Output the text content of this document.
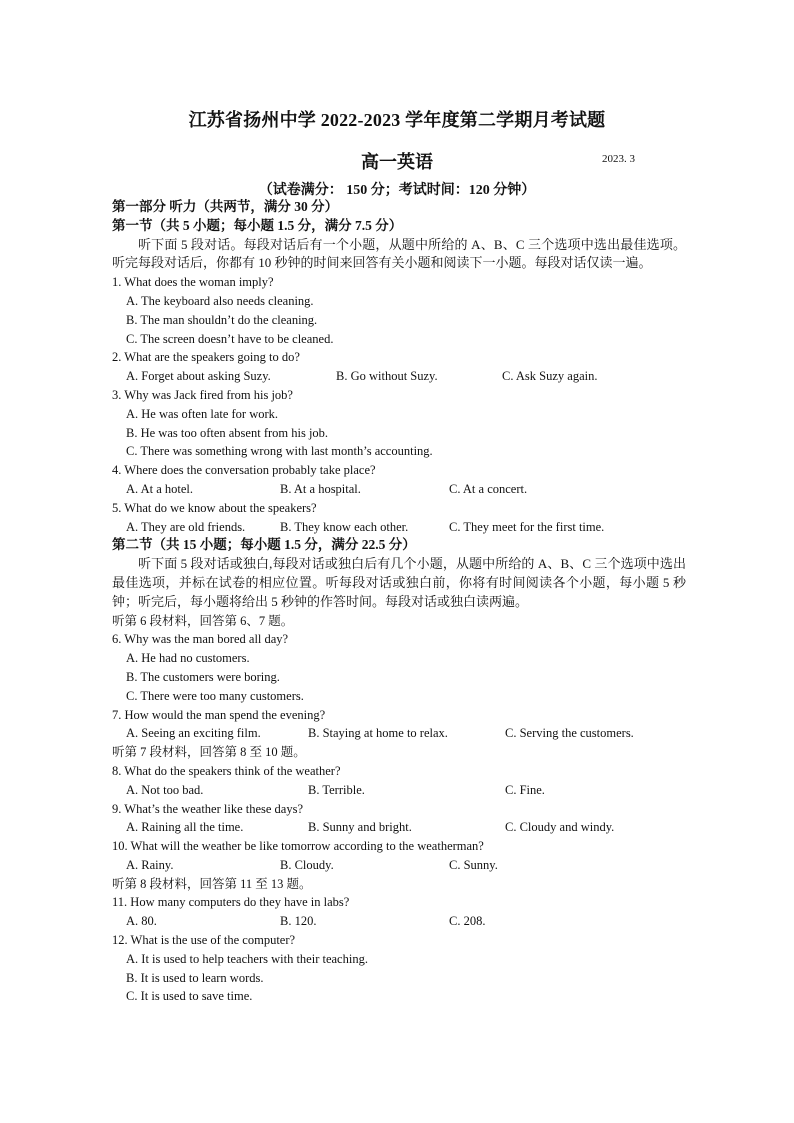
江苏省扬州中学 2022-2023 学年度第二学期月考试题
高一英语	2023. 3
（试卷满分： 150 分；考试时间：120 分钟）
第一部分 听力（共两节，满分 30 分）
第一节（共 5 小题；每小题 1.5 分，满分 7.5 分）
听下面 5 段对话。每段对话后有一个小题，从题中所给的 A、B、C 三个选项中选出最佳选项。听完每段对话后，你都有 10 秒钟的时间来回答有关小题和阅读下一小题。每段对话仅读一遍。
1. What does the woman imply?
A. The keyboard also needs cleaning.
B. The man shouldn’t do the cleaning.
C. The screen doesn’t have to be cleaned.
2. What are the speakers going to do?
A. Forget about asking Suzy.	B. Go without Suzy.	C. Ask Suzy again.
3. Why was Jack fired from his job?
A. He was often late for work.
B. He was too often absent from his job.
C. There was something wrong with last month’s accounting.
4. Where does the conversation probably take place?
A. At a hotel.	B. At a hospital.	C. At a concert.
5. What do we know about the speakers?
A. They are old friends.	B. They know each other.	C. They meet for the first time.
第二节（共 15 小题；每小题 1.5 分，满分 22.5 分）
听下面 5 段对话或独白,每段对话或独白后有几个小题，从题中所给的 A、B、C 三个选项中选出最佳选项，并标在试卷的相应位置。听每段对话或独白前，你将有时间阅读各个小题，每小题 5 秒钟；听完后，每小题将给出 5 秒钟的作答时间。每段对话或独白读两遍。
听第 6 段材料，回答第 6、7 题。
6. Why was the man bored all day?
A. He had no customers.
B. The customers were boring.
C. There were too many customers.
7. How would the man spend the evening?
A. Seeing an exciting film.	B. Staying at home to relax.	C. Serving the customers.
听第 7 段材料，回答第 8 至 10 题。
8. What do the speakers think of the weather?
A. Not too bad.	B. Terrible.	C. Fine.
9. What’s the weather like these days?
A. Raining all the time.	B. Sunny and bright.	C. Cloudy and windy.
10. What will the weather be like tomorrow according to the weatherman?
A. Rainy.	B. Cloudy.	C. Sunny.
听第 8 段材料，回答第 11 至 13 题。
11. How many computers do they have in labs?
A. 80.	B. 120.	C. 208.
12. What is the use of the computer?
A. It is used to help teachers with their teaching.
B. It is used to learn words.
C. It is used to save time.
